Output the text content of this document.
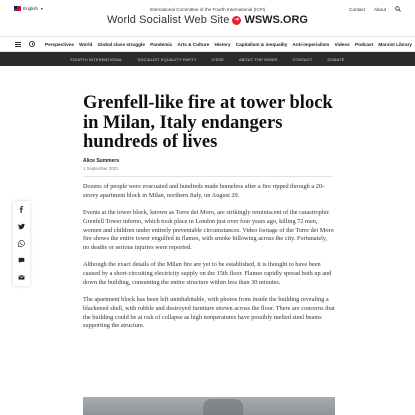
English ▼	International Committee of the Fourth International (ICFI)
World Socialist Web Site ➔ WSWS.ORG
Contact About
Perspectives World Global class struggle Pandemic Arts & Culture History Capitalism & inequality Anti-imperialism Videos Podcast Marxist Library
FOURTH INTERNATIONAL	SOCIALIST EQUALITY PARTY	IYSSE	ABOUT THE WSWS	CONTACT	DONATE
Grenfell-like fire at tower block in Milan, Italy endangers hundreds of lives
Alice Summers
1 September 2021

Dozens of people were evacuated and hundreds made homeless after a fire ripped through a 20-storey apartment block in Milan, northern Italy, on August 29.

Events at the tower block, known as Torre dei Moro, are strikingly reminiscent of the catastrophic Grenfell Tower inferno, which took place in London just over four years ago, killing 72 men, women and children under entirely preventable circumstances. Video footage of the Torre dei Moro fire shows the entire tower engulfed in flames, with smoke billowing across the city. Fortunately, no deaths or serious injuries were reported.

Although the exact details of the Milan fire are yet to be established, it is thought to have been caused by a short-circuiting electricity supply on the 15th floor. Flames rapidly spread both up and down the building, consuming the entire structure within less than 30 minutes.

The apartment block has been left uninhabitable, with photos from inside the building revealing a blackened shell, with rubble and destroyed furniture strewn across the floor. There are concerns that the building could be at risk of collapse as high temperatures have possibly melted steel beams supporting the structure.
